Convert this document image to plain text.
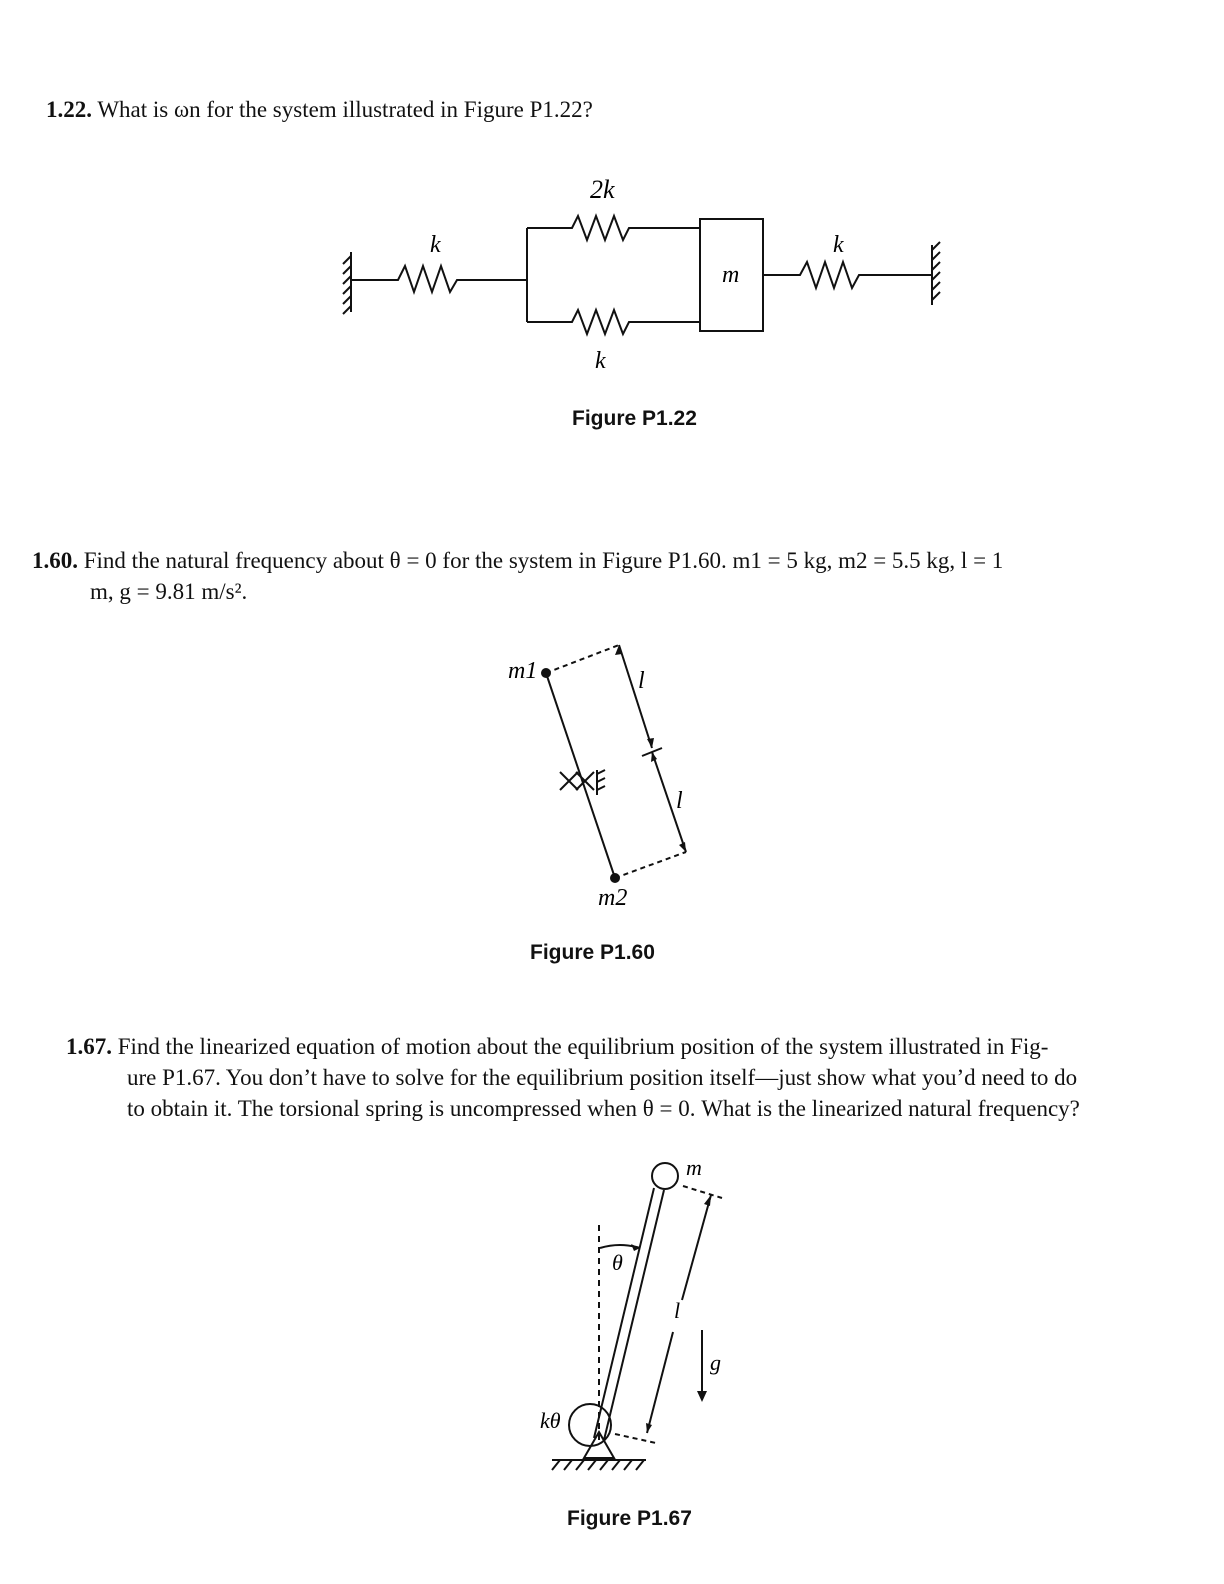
1.22. What is ωn for the system illustrated in Figure P1.22?
k
2k
k
m
k
Figure P1.22
1.60. Find the natural frequency about θ = 0 for the system in Figure P1.60. m1 = 5 kg, m2 = 5.5 kg, l = 1
m, g = 9.81 m/s².
m1
m2
l
l
Figure P1.60
1.67. Find the linearized equation of motion about the equilibrium position of the system illustrated in Fig-
ure P1.67. You don’t have to solve for the equilibrium position itself—just show what you’d need to do
to obtain it. The torsional spring is uncompressed when θ = 0. What is the linearized natural frequency?
m
θ
l
g
kθ
Figure P1.67
